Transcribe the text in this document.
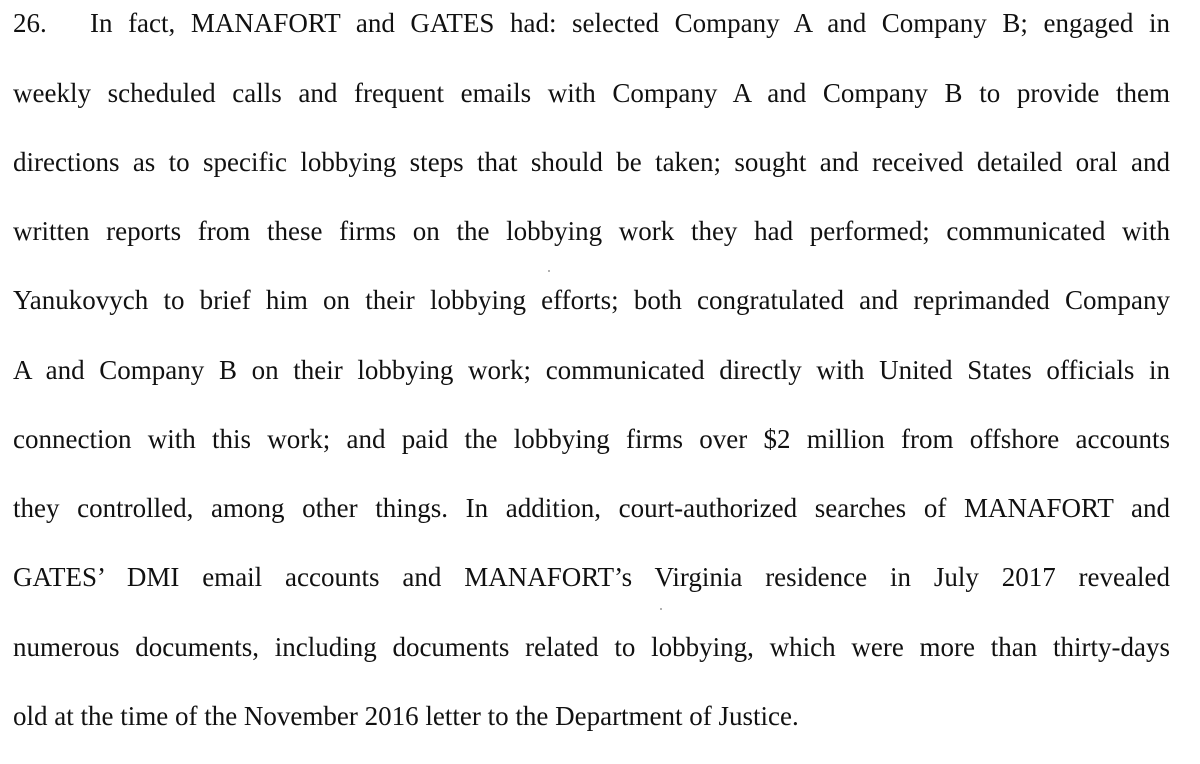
26. In fact, MANAFORT and GATES had: selected Company A and Company B; engaged in
weekly scheduled calls and frequent emails with Company A and Company B to provide them
directions as to specific lobbying steps that should be taken; sought and received detailed oral and
written reports from these firms on the lobbying work they had performed; communicated with
Yanukovych to brief him on their lobbying efforts; both congratulated and reprimanded Company
A and Company B on their lobbying work; communicated directly with United States officials in
connection with this work; and paid the lobbying firms over $2 million from offshore accounts
they controlled, among other things. In addition, court-authorized searches of MANAFORT and
GATES’ DMI email accounts and MANAFORT’s Virginia residence in July 2017 revealed
numerous documents, including documents related to lobbying, which were more than thirty-days
old at the time of the November 2016 letter to the Department of Justice.
